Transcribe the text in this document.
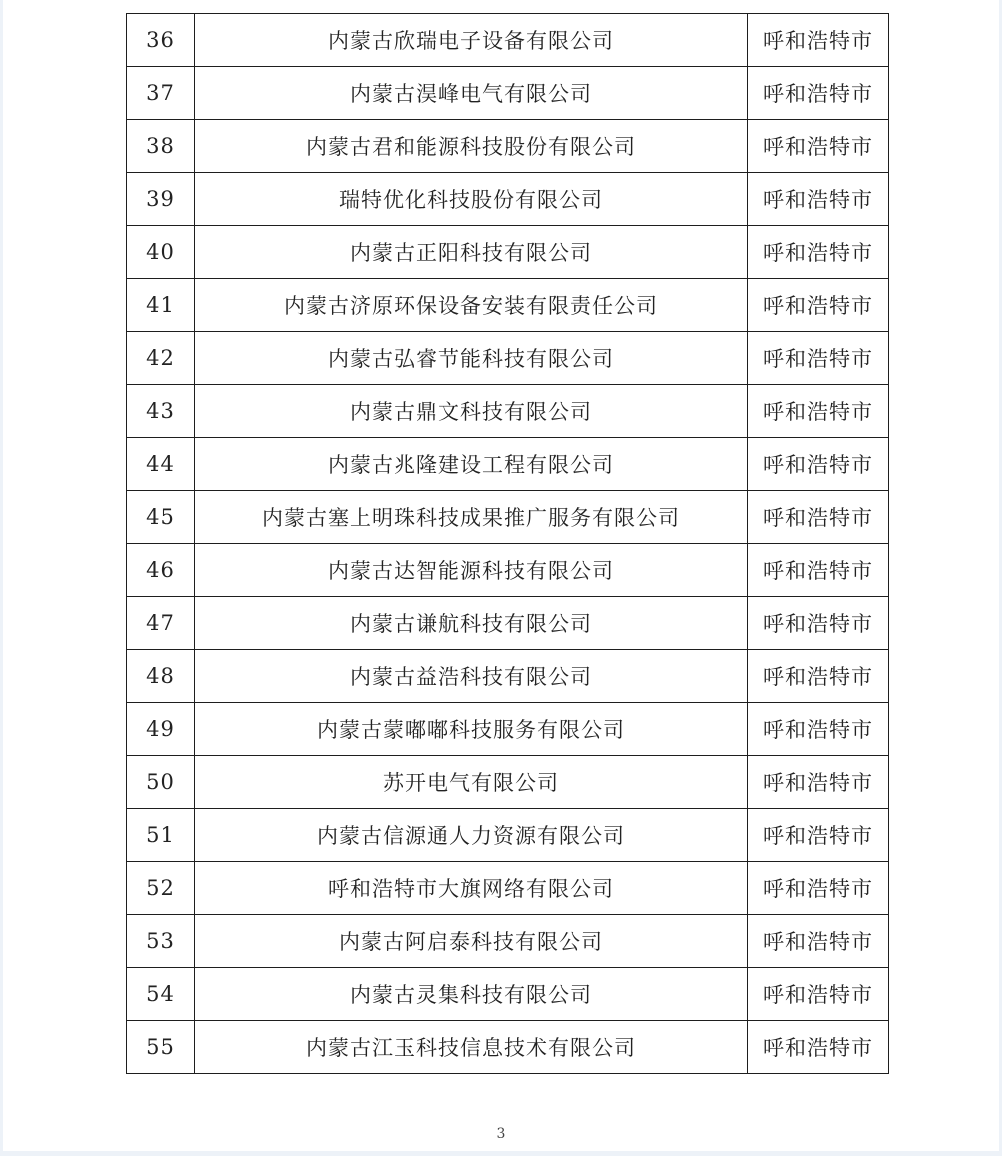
36	内蒙古欣瑞电子设备有限公司	呼和浩特市
37	内蒙古淏峰电气有限公司	呼和浩特市
38	内蒙古君和能源科技股份有限公司	呼和浩特市
39	瑞特优化科技股份有限公司	呼和浩特市
40	内蒙古正阳科技有限公司	呼和浩特市
41	内蒙古济原环保设备安装有限责任公司	呼和浩特市
42	内蒙古弘睿节能科技有限公司	呼和浩特市
43	内蒙古鼎文科技有限公司	呼和浩特市
44	内蒙古兆隆建设工程有限公司	呼和浩特市
45	内蒙古塞上明珠科技成果推广服务有限公司	呼和浩特市
46	内蒙古达智能源科技有限公司	呼和浩特市
47	内蒙古谦航科技有限公司	呼和浩特市
48	内蒙古益浩科技有限公司	呼和浩特市
49	内蒙古蒙嘟嘟科技服务有限公司	呼和浩特市
50	苏开电气有限公司	呼和浩特市
51	内蒙古信源通人力资源有限公司	呼和浩特市
52	呼和浩特市大旗网络有限公司	呼和浩特市
53	内蒙古阿启泰科技有限公司	呼和浩特市
54	内蒙古灵集科技有限公司	呼和浩特市
55	内蒙古江玉科技信息技术有限公司	呼和浩特市
3
